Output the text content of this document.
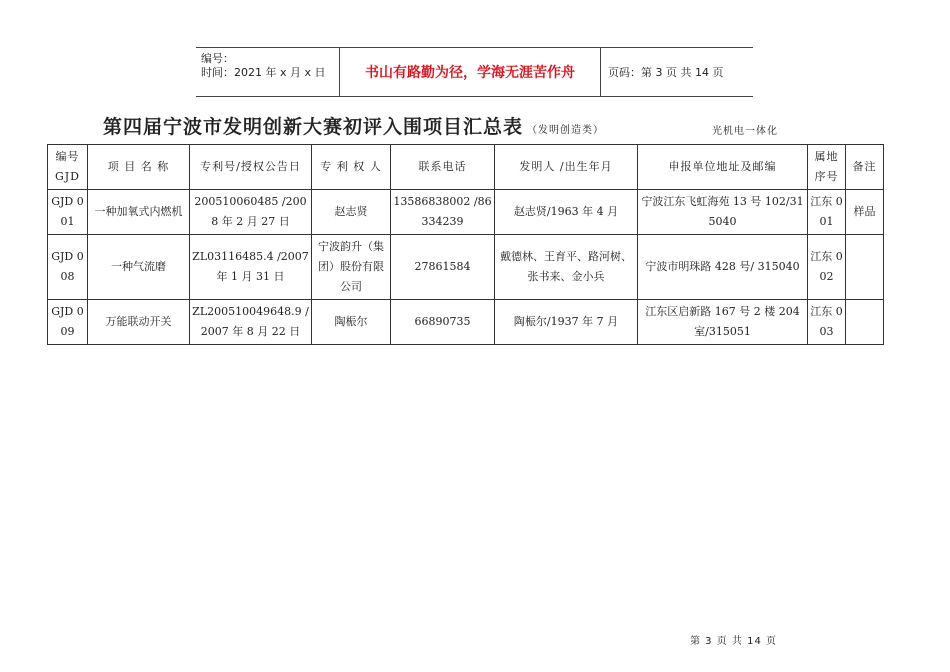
编号：
时间：2021 年 x 月 x 日	书山有路勤为径，学海无涯苦作舟	页码：第 3 页 共 14 页
第四届宁波市发明创新大赛初评入围项目汇总表 （发明创造类）	光机电一体化
编号 GJD	项 目 名 称	专利号/授权公告日	专 利 权 人	联系电话	发明人 /出生年月	申报单位地址及邮编	属地 序号	备注
GJD 001	一种加氧式内燃机	200510060485 /2008 年 2 月 27 日	赵志贤	13586838002 /86334239	赵志贤/1963 年 4 月	宁波江东飞虹海苑 13 号 102/315040	江东 001	样品
GJD 008	一种气流磨	ZL03116485.4 /2007 年 1 月 31 日	宁波韵升（集团）股份有限公司	27861584	戴德林、王育平、路河树、张书来、金小兵	宁波市明珠路 428 号/ 315040	江东 002	
GJD 009	万能联动开关	ZL200510049648.9 /2007 年 8 月 22 日	陶桭尔	66890735	陶桭尔/1937 年 7 月	江东区启新路 167 号 2 楼 204 室/315051	江东 003	
第 3 页 共 14 页
